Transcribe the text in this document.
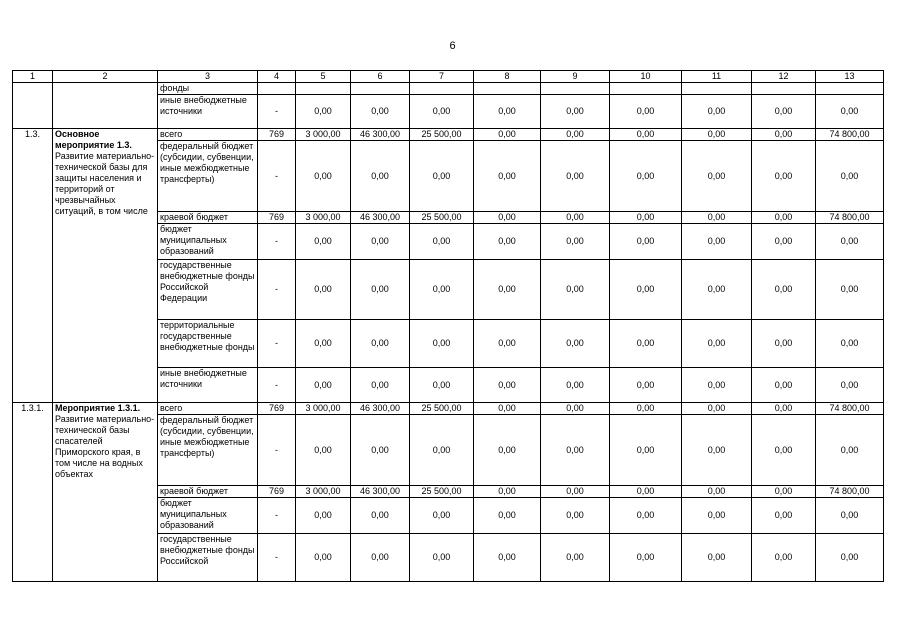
6
1	2	3	4	5	6	7	8	9	10	11	12	13
		фонды										
		иные внебюджетные источники	-	0,00	0,00	0,00	0,00	0,00	0,00	0,00	0,00	0,00
1.3.	Основное мероприятие 1.3.
Развитие материально-технической базы для защиты населения и территорий от чрезвычайных ситуаций, в том числе	всего	769	3 000,00	46 300,00	25 500,00	0,00	0,00	0,00	0,00	0,00	74 800,00
		федеральный бюджет (субсидии, субвенции, иные межбюджетные трансферты)	-	0,00	0,00	0,00	0,00	0,00	0,00	0,00	0,00	0,00
		краевой бюджет	769	3 000,00	46 300,00	25 500,00	0,00	0,00	0,00	0,00	0,00	74 800,00
		бюджет муниципальных образований	-	0,00	0,00	0,00	0,00	0,00	0,00	0,00	0,00	0,00
		государственные внебюджетные фонды Российской Федерации	-	0,00	0,00	0,00	0,00	0,00	0,00	0,00	0,00	0,00
		территориальные государственные внебюджетные фонды	-	0,00	0,00	0,00	0,00	0,00	0,00	0,00	0,00	0,00
		иные внебюджетные источники	-	0,00	0,00	0,00	0,00	0,00	0,00	0,00	0,00	0,00
1.3.1.	Мероприятие 1.3.1.
Развитие материально-технической базы спасателей Приморского края, в том числе на водных объектах	всего	769	3 000,00	46 300,00	25 500,00	0,00	0,00	0,00	0,00	0,00	74 800,00
		федеральный бюджет (субсидии, субвенции, иные межбюджетные трансферты)	-	0,00	0,00	0,00	0,00	0,00	0,00	0,00	0,00	0,00
		краевой бюджет	769	3 000,00	46 300,00	25 500,00	0,00	0,00	0,00	0,00	0,00	74 800,00
		бюджет муниципальных образований	-	0,00	0,00	0,00	0,00	0,00	0,00	0,00	0,00	0,00
		государственные внебюджетные фонды Российской	-	0,00	0,00	0,00	0,00	0,00	0,00	0,00	0,00	0,00
